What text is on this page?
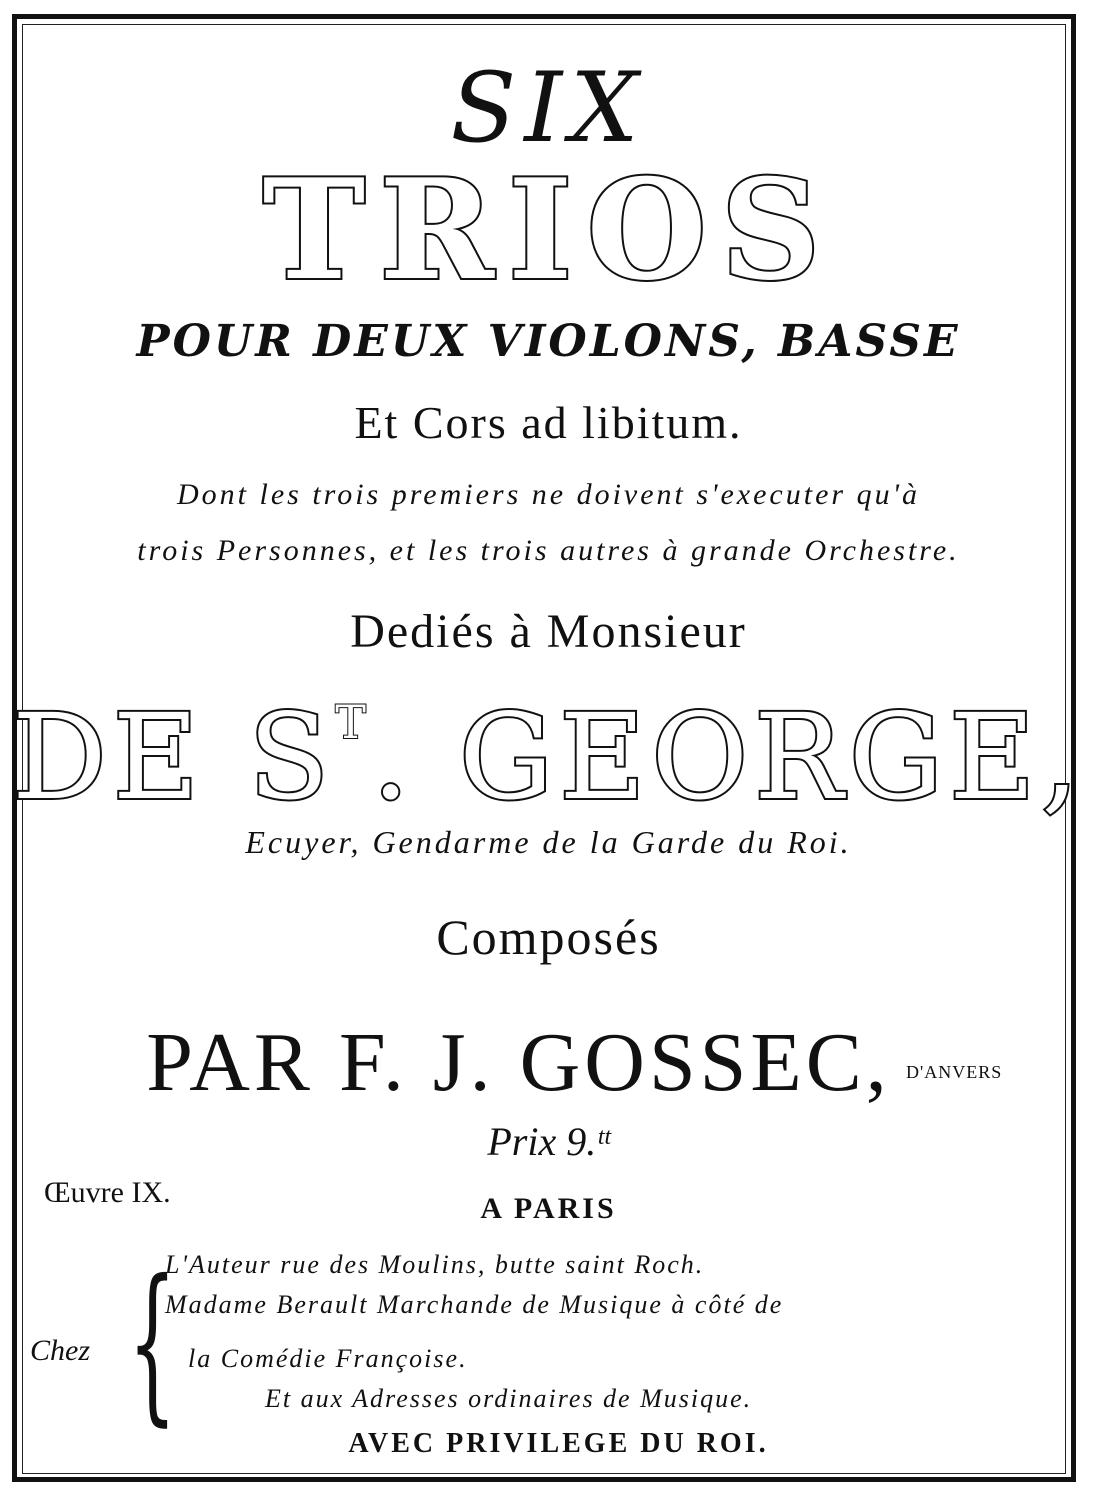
SIX
TRIOS
POUR DEUX VIOLONS, BASSE
Et Cors ad libitum.
Dont les trois premiers ne doivent s'executer qu'à
trois Personnes, et les trois autres à grande Orchestre.
Dediés à Monsieur
DE $S^T$. GEORGE,
Ecuyer, Gendarme de la Garde du Roi.
Composés
PAR F. J. GOSSEC, D'ANVERS
Prix 9.ᵗᵗ
Œuvre IX.	A PARIS
Chez {
L'Auteur rue des Moulins, butte saint Roch.
Madame Berault Marchande de Musique à côté de
la Comédie Françoise.
Et aux Adresses ordinaires de Musique.
AVEC PRIVILEGE DU ROI.
